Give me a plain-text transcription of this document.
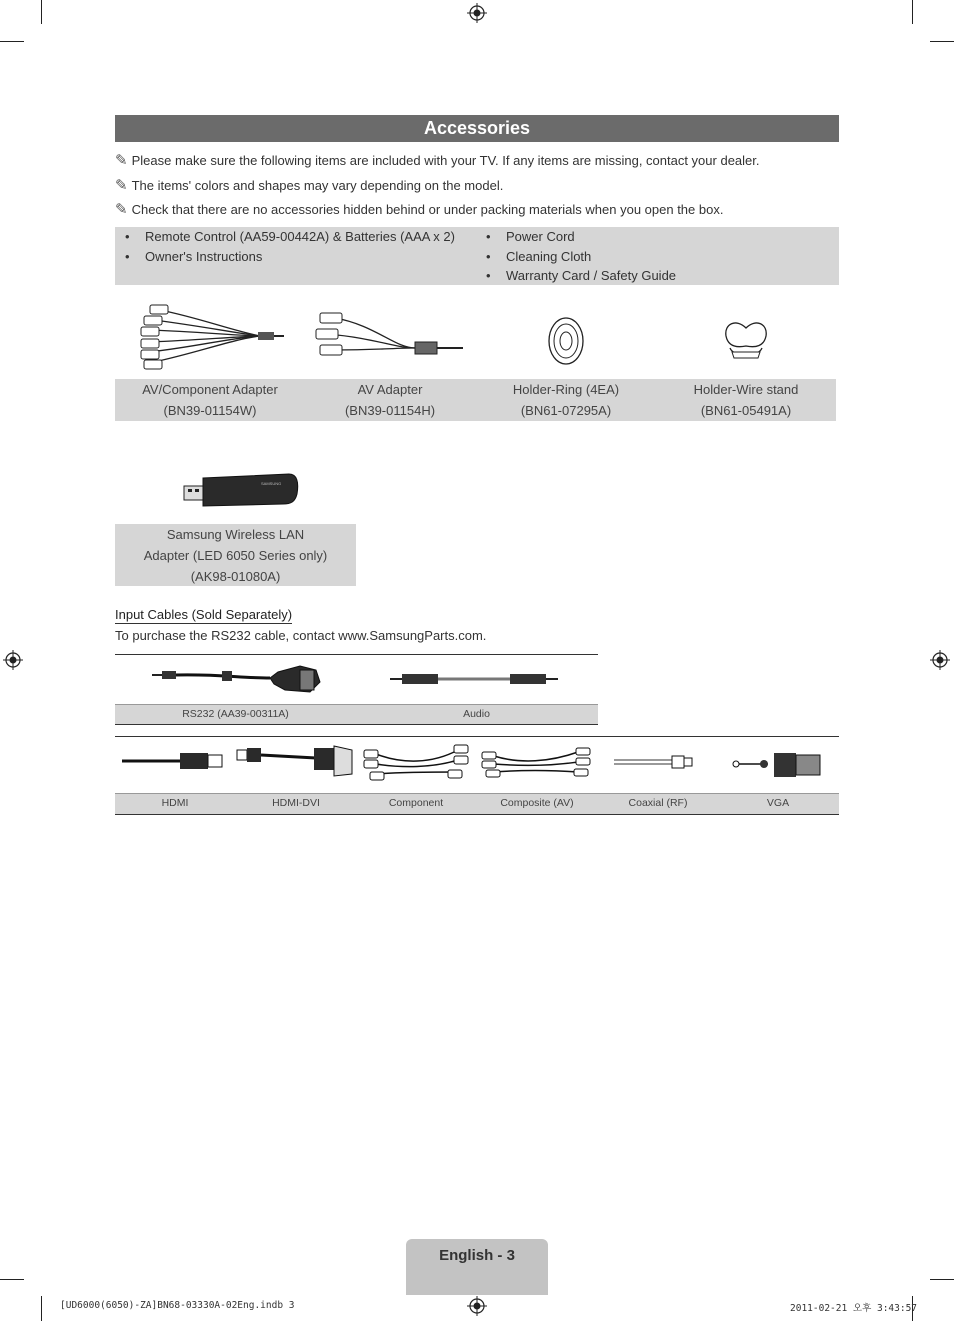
Accessories
✎ Please make sure the following items are included with your TV. If any items are missing, contact your dealer.
✎ The items' colors and shapes may vary depending on the model.
✎ Check that there are no accessories hidden behind or under packing materials when you open the box.
• Remote Control (AA59-00442A) & Batteries (AAA x 2)
• Owner's Instructions
• Power Cord
• Cleaning Cloth
• Warranty Card / Safety Guide
AV/Component Adapter
(BN39-01154W)
AV Adapter
(BN39-01154H)
Holder-Ring (4EA)
(BN61-07295A)
Holder-Wire stand
(BN61-05491A)
SAMSUNG
Samsung Wireless LAN
Adapter (LED 6050 Series only)
(AK98-01080A)
Input Cables (Sold Separately)
To purchase the RS232 cable, contact www.SamsungParts.com.
RS232 (AA39-00311A)	Audio
HDMI	HDMI-DVI	Component	Composite (AV)	Coaxial (RF)	VGA
English - 3
[UD6000(6050)-ZA]BN68-03330A-02Eng.indb 3	2011-02-21 오후 3:43:57
